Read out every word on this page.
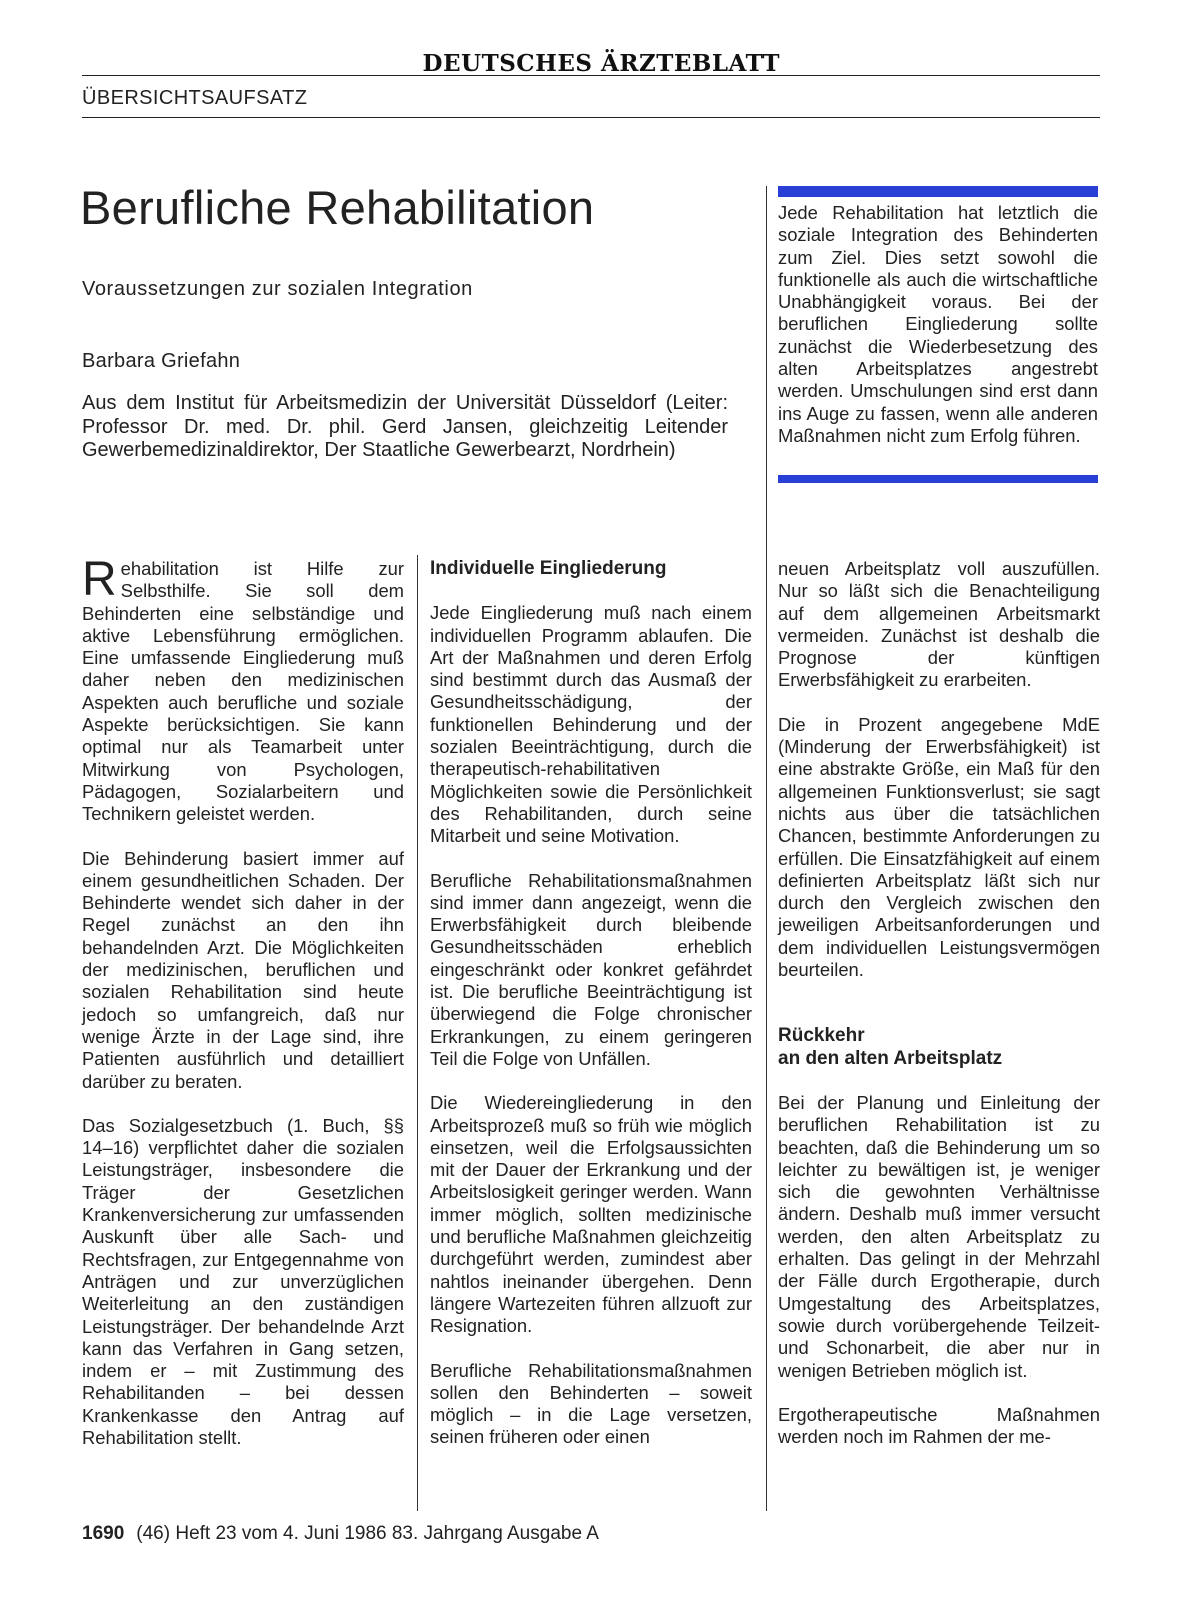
DEUTSCHES ÄRZTEBLATT
ÜBERSICHTSAUFSATZ
Berufliche Rehabilitation
Voraussetzungen zur sozialen Integration
Barbara Griefahn
Aus dem Institut für Arbeitsmedizin der Universität Düsseldorf (Leiter: Professor Dr. med. Dr. phil. Gerd Jansen, gleichzeitig Leitender Gewerbemedizinaldirektor, Der Staatliche Gewerbearzt, Nordrhein)
Jede Rehabilitation hat letztlich die soziale Integration des Behinderten zum Ziel. Dies setzt sowohl die funktionelle als auch die wirtschaftliche Unabhängigkeit voraus. Bei der beruflichen Eingliederung sollte zunächst die Wiederbesetzung des alten Arbeitsplatzes angestrebt werden. Umschulungen sind erst dann ins Auge zu fassen, wenn alle anderen Maßnahmen nicht zum Erfolg führen.

Rehabilitation ist Hilfe zur Selbsthilfe. Sie soll dem Behinderten eine selbständige und aktive Lebensführung ermöglichen. Eine umfassende Eingliederung muß daher neben den medizinischen Aspekten auch berufliche und soziale Aspekte berücksichtigen. Sie kann optimal nur als Teamarbeit unter Mitwirkung von Psychologen, Pädagogen, Sozialarbeitern und Technikern geleistet werden.

Die Behinderung basiert immer auf einem gesundheitlichen Schaden. Der Behinderte wendet sich daher in der Regel zunächst an den ihn behandelnden Arzt. Die Möglichkeiten der medizinischen, beruflichen und sozialen Rehabilitation sind heute jedoch so umfangreich, daß nur wenige Ärzte in der Lage sind, ihre Patienten ausführlich und detailliert darüber zu beraten.

Das Sozialgesetzbuch (1. Buch, §§ 14–16) verpflichtet daher die sozialen Leistungsträger, insbesondere die Träger der Gesetzlichen Krankenversicherung zur umfassenden Auskunft über alle Sach- und Rechtsfragen, zur Entgegennahme von Anträgen und zur unverzüglichen Weiterleitung an den zuständigen Leistungsträger. Der behandelnde Arzt kann das Verfahren in Gang setzen, indem er – mit Zustimmung des Rehabilitanden – bei dessen Krankenkasse den Antrag auf Rehabilitation stellt.

Individuelle Eingliederung

Jede Eingliederung muß nach einem individuellen Programm ablaufen. Die Art der Maßnahmen und deren Erfolg sind bestimmt durch das Ausmaß der Gesundheitsschädigung, der funktionellen Behinderung und der sozialen Beeinträchtigung, durch die therapeutisch-rehabilitativen Möglichkeiten sowie die Persönlichkeit des Rehabilitanden, durch seine Mitarbeit und seine Motivation.

Berufliche Rehabilitationsmaßnahmen sind immer dann angezeigt, wenn die Erwerbsfähigkeit durch bleibende Gesundheitsschäden erheblich eingeschränkt oder konkret gefährdet ist. Die berufliche Beeinträchtigung ist überwiegend die Folge chronischer Erkrankungen, zu einem geringeren Teil die Folge von Unfällen.

Die Wiedereingliederung in den Arbeitsprozeß muß so früh wie möglich einsetzen, weil die Erfolgsaussichten mit der Dauer der Erkrankung und der Arbeitslosigkeit geringer werden. Wann immer möglich, sollten medizinische und berufliche Maßnahmen gleichzeitig durchgeführt werden, zumindest aber nahtlos ineinander übergehen. Denn längere Wartezeiten führen allzuoft zur Resignation.

Berufliche Rehabilitationsmaßnahmen sollen den Behinderten – soweit möglich – in die Lage versetzen, seinen früheren oder einen

neuen Arbeitsplatz voll auszufüllen. Nur so läßt sich die Benachteiligung auf dem allgemeinen Arbeitsmarkt vermeiden. Zunächst ist deshalb die Prognose der künftigen Erwerbsfähigkeit zu erarbeiten.

Die in Prozent angegebene MdE (Minderung der Erwerbsfähigkeit) ist eine abstrakte Größe, ein Maß für den allgemeinen Funktionsverlust; sie sagt nichts aus über die tatsächlichen Chancen, bestimmte Anforderungen zu erfüllen. Die Einsatzfähigkeit auf einem definierten Arbeitsplatz läßt sich nur durch den Vergleich zwischen den jeweiligen Arbeitsanforderungen und dem individuellen Leistungsvermögen beurteilen.

Rückkehr
an den alten Arbeitsplatz

Bei der Planung und Einleitung der beruflichen Rehabilitation ist zu beachten, daß die Behinderung um so leichter zu bewältigen ist, je weniger sich die gewohnten Verhältnisse ändern. Deshalb muß immer versucht werden, den alten Arbeitsplatz zu erhalten. Das gelingt in der Mehrzahl der Fälle durch Ergotherapie, durch Umgestaltung des Arbeitsplatzes, sowie durch vorübergehende Teilzeit- und Schonarbeit, die aber nur in wenigen Betrieben möglich ist.

Ergotherapeutische Maßnahmen werden noch im Rahmen der me-

1690 (46) Heft 23 vom 4. Juni 1986 83. Jahrgang Ausgabe A
